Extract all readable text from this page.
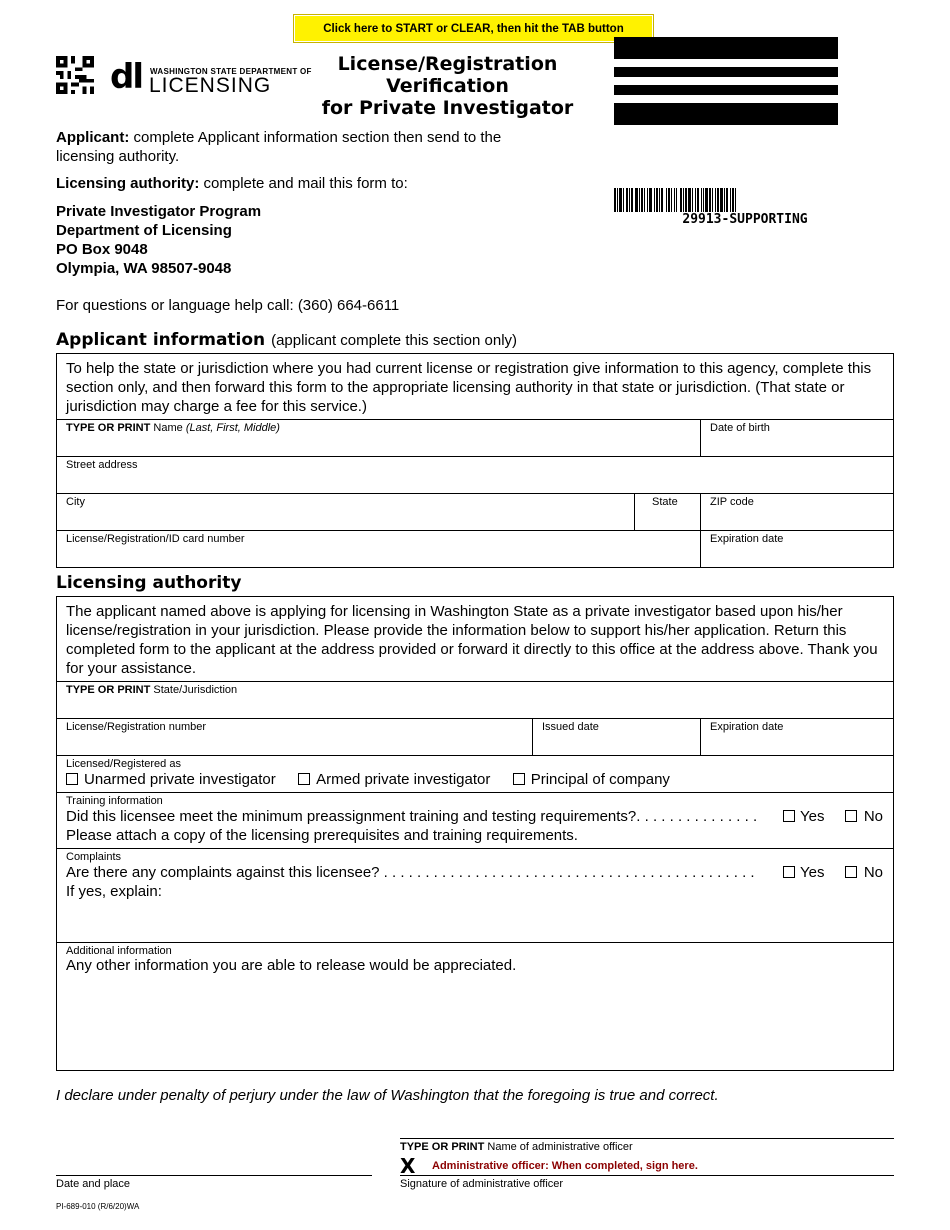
Click here to START or CLEAR, then hit the TAB button
dl WASHINGTON STATE DEPARTMENT OF
LICENSING
License/Registration
Verification
for Private Investigator
29913-SUPPORTING
Applicant: complete Applicant information section then send to the licensing authority.
Licensing authority: complete and mail this form to:
Private Investigator Program
Department of Licensing
PO Box 9048
Olympia, WA 98507-9048
For questions or language help call: (360) 664-6611
Applicant information (applicant complete this section only)
To help the state or jurisdiction where you had current license or registration give information to this agency, complete this section only, and then forward this form to the appropriate licensing authority in that state or jurisdiction. (That state or jurisdiction may charge a fee for this service.)
TYPE OR PRINT Name (Last, First, Middle)	Date of birth
Street address
City	State	ZIP code
License/Registration/ID card number	Expiration date
Licensing authority
The applicant named above is applying for licensing in Washington State as a private investigator based upon his/her license/registration in your jurisdiction. Please provide the information below to support his/her application. Return this completed form to the applicant at the address provided or forward it directly to this office at the address above. Thank you for your assistance.
TYPE OR PRINT State/Jurisdiction
License/Registration number	Issued date	Expiration date
Licensed/Registered as
Unarmed private investigator	Armed private investigator	Principal of company
Training information
Did this licensee meet the minimum preassignment training and testing requirements?. . . . . . . . . . . . . . .	Yes	No
Please attach a copy of the licensing prerequisites and training requirements.
Complaints
Are there any complaints against this licensee? . . . . . . . . . . . . . . . . . . . . . . . . . . . . . . . . . . . . . . . . . . . . .	Yes	No
If yes, explain:
Additional information
Any other information you are able to release would be appreciated.
I declare under penalty of perjury under the law of Washington that the foregoing is true and correct.
TYPE OR PRINT Name of administrative officer
X Administrative officer: When completed, sign here.
Date and place	Signature of administrative officer
PI-689-010 (R/6/20)WA
